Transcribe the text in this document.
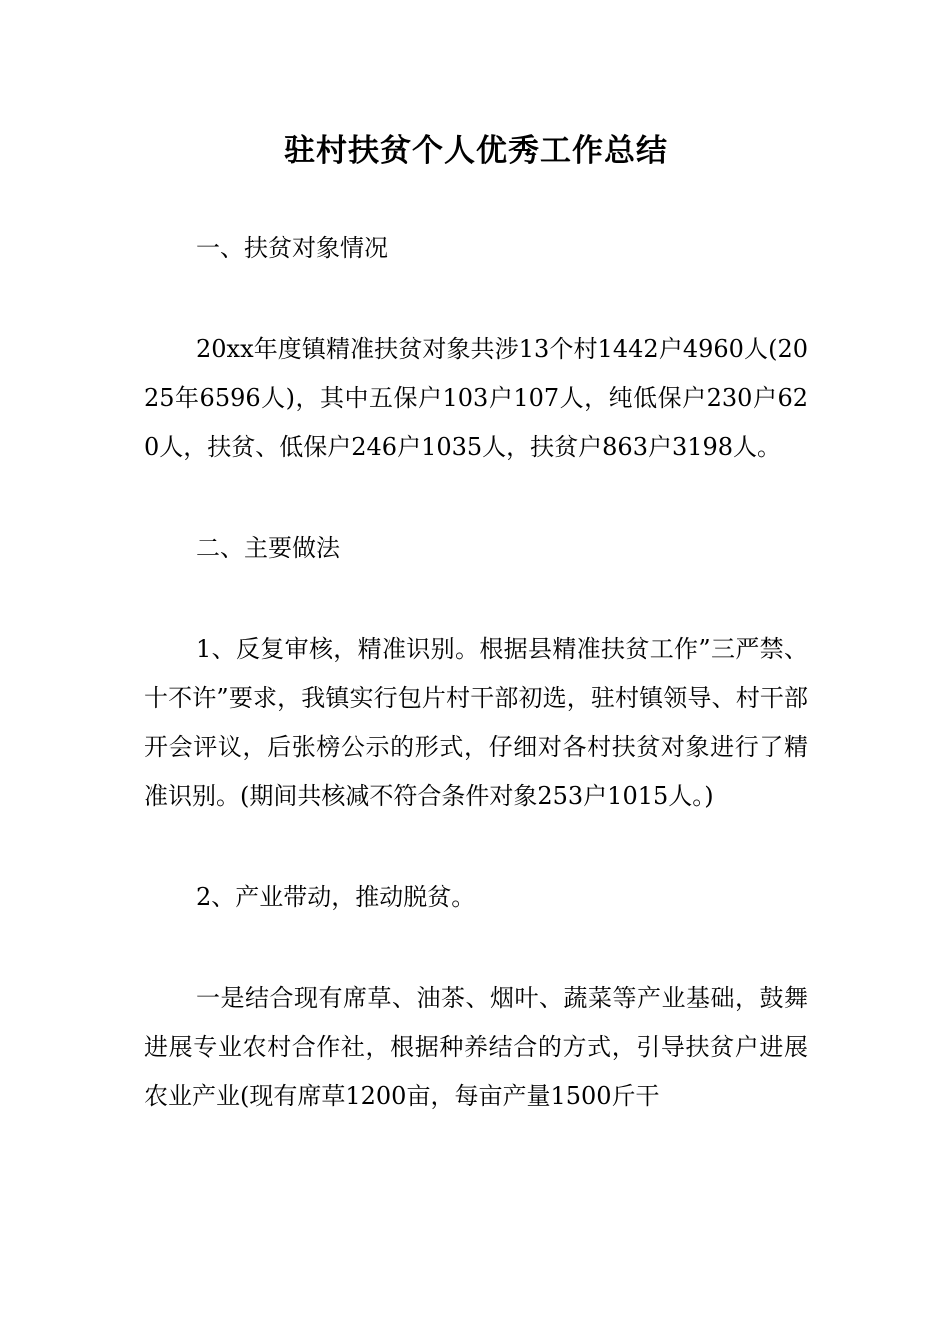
驻村扶贫个人优秀工作总结

一、扶贫对象情况

20xx年度镇精准扶贫对象共涉13个村1442户4960人(2025年6596人)，其中五保户103户107人，纯低保户230户620人，扶贫、低保户246户1035人，扶贫户863户3198人。

二、主要做法

1、反复审核，精准识别。根据县精准扶贫工作”三严禁、十不许”要求，我镇实行包片村干部初选，驻村镇领导、村干部开会评议，后张榜公示的形式，仔细对各村扶贫对象进行了精准识别。(期间共核减不符合条件对象253户1015人。)

2、产业带动，推动脱贫。

一是结合现有席草、油茶、烟叶、蔬菜等产业基础，鼓舞进展专业农村合作社，根据种养结合的方式，引导扶贫户进展农业产业(现有席草1200亩，每亩产量1500斤干
